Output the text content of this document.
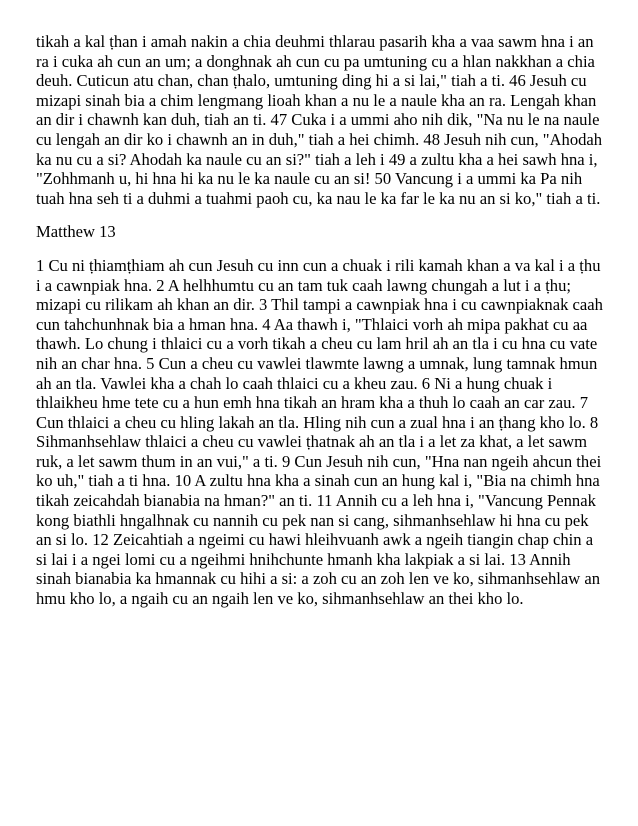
tikah a kal ṭhan i amah nakin a chia deuhmi thlarau pasarih kha a vaa sawm hna i an ra i cuka ah cun an um; a donghnak ah cun cu pa umtuning cu a hlan nakkhan a chia deuh. Cuticun atu chan, chan ṭhalo, umtuning ding hi a si lai," tiah a ti. 46 Jesuh cu mizapi sinah bia a chim lengmang lioah khan a nu le a naule kha an ra. Lengah khan an dir i chawnh kan duh, tiah an ti. 47 Cuka i a ummi aho nih dik, "Na nu le na naule cu lengah an dir ko i chawnh an in duh," tiah a hei chimh. 48 Jesuh nih cun, "Ahodah ka nu cu a si? Ahodah ka naule cu an si?" tiah a leh i 49 a zultu kha a hei sawh hna i, "Zohhmanh u, hi hna hi ka nu le ka naule cu an si! 50 Vancung i a ummi ka Pa nih tuah hna seh ti a duhmi a tuahmi paoh cu, ka nau le ka far le ka nu an si ko," tiah a ti.

Matthew 13

1 Cu ni ṭhiamṭhiam ah cun Jesuh cu inn cun a chuak i rili kamah khan a va kal i a ṭhu i a cawnpiak hna. 2 A helhhumtu cu an tam tuk caah lawng chungah a lut i a ṭhu; mizapi cu rilikam ah khan an dir. 3 Thil tampi a cawnpiak hna i cu cawnpiaknak caah cun tahchunhnak bia a hman hna. 4 Aa thawh i, "Thlaici vorh ah mipa pakhat cu aa thawh. Lo chung i thlaici cu a vorh tikah a cheu cu lam hril ah an tla i cu hna cu vate nih an char hna. 5 Cun a cheu cu vawlei tlawmte lawng a umnak, lung tamnak hmun ah an tla. Vawlei kha a chah lo caah thlaici cu a kheu zau. 6 Ni a hung chuak i thlaikheu hme tete cu a hun emh hna tikah an hram kha a thuh lo caah an car zau. 7 Cun thlaici a cheu cu hling lakah an tla. Hling nih cun a zual hna i an ṭhang kho lo. 8 Sihmanhsehlaw thlaici a cheu cu vawlei ṭhatnak ah an tla i a let za khat, a let sawm ruk, a let sawm thum in an vui," a ti. 9 Cun Jesuh nih cun, "Hna nan ngeih ahcun thei ko uh," tiah a ti hna. 10 A zultu hna kha a sinah cun an hung kal i, "Bia na chimh hna tikah zeicahdah bianabia na hman?" an ti. 11 Annih cu a leh hna i, "Vancung Pennak kong biathli hngalhnak cu nannih cu pek nan si cang, sihmanhsehlaw hi hna cu pek an si lo. 12 Zeicahtiah a ngeimi cu hawi hleihvuanh awk a ngeih tiangin chap chin a si lai i a ngei lomi cu a ngeihmi hnihchunte hmanh kha lakpiak a si lai. 13 Annih sinah bianabia ka hmannak cu hihi a si: a zoh cu an zoh len ve ko, sihmanhsehlaw an hmu kho lo, a ngaih cu an ngaih len ve ko, sihmanhsehlaw an thei kho lo.
